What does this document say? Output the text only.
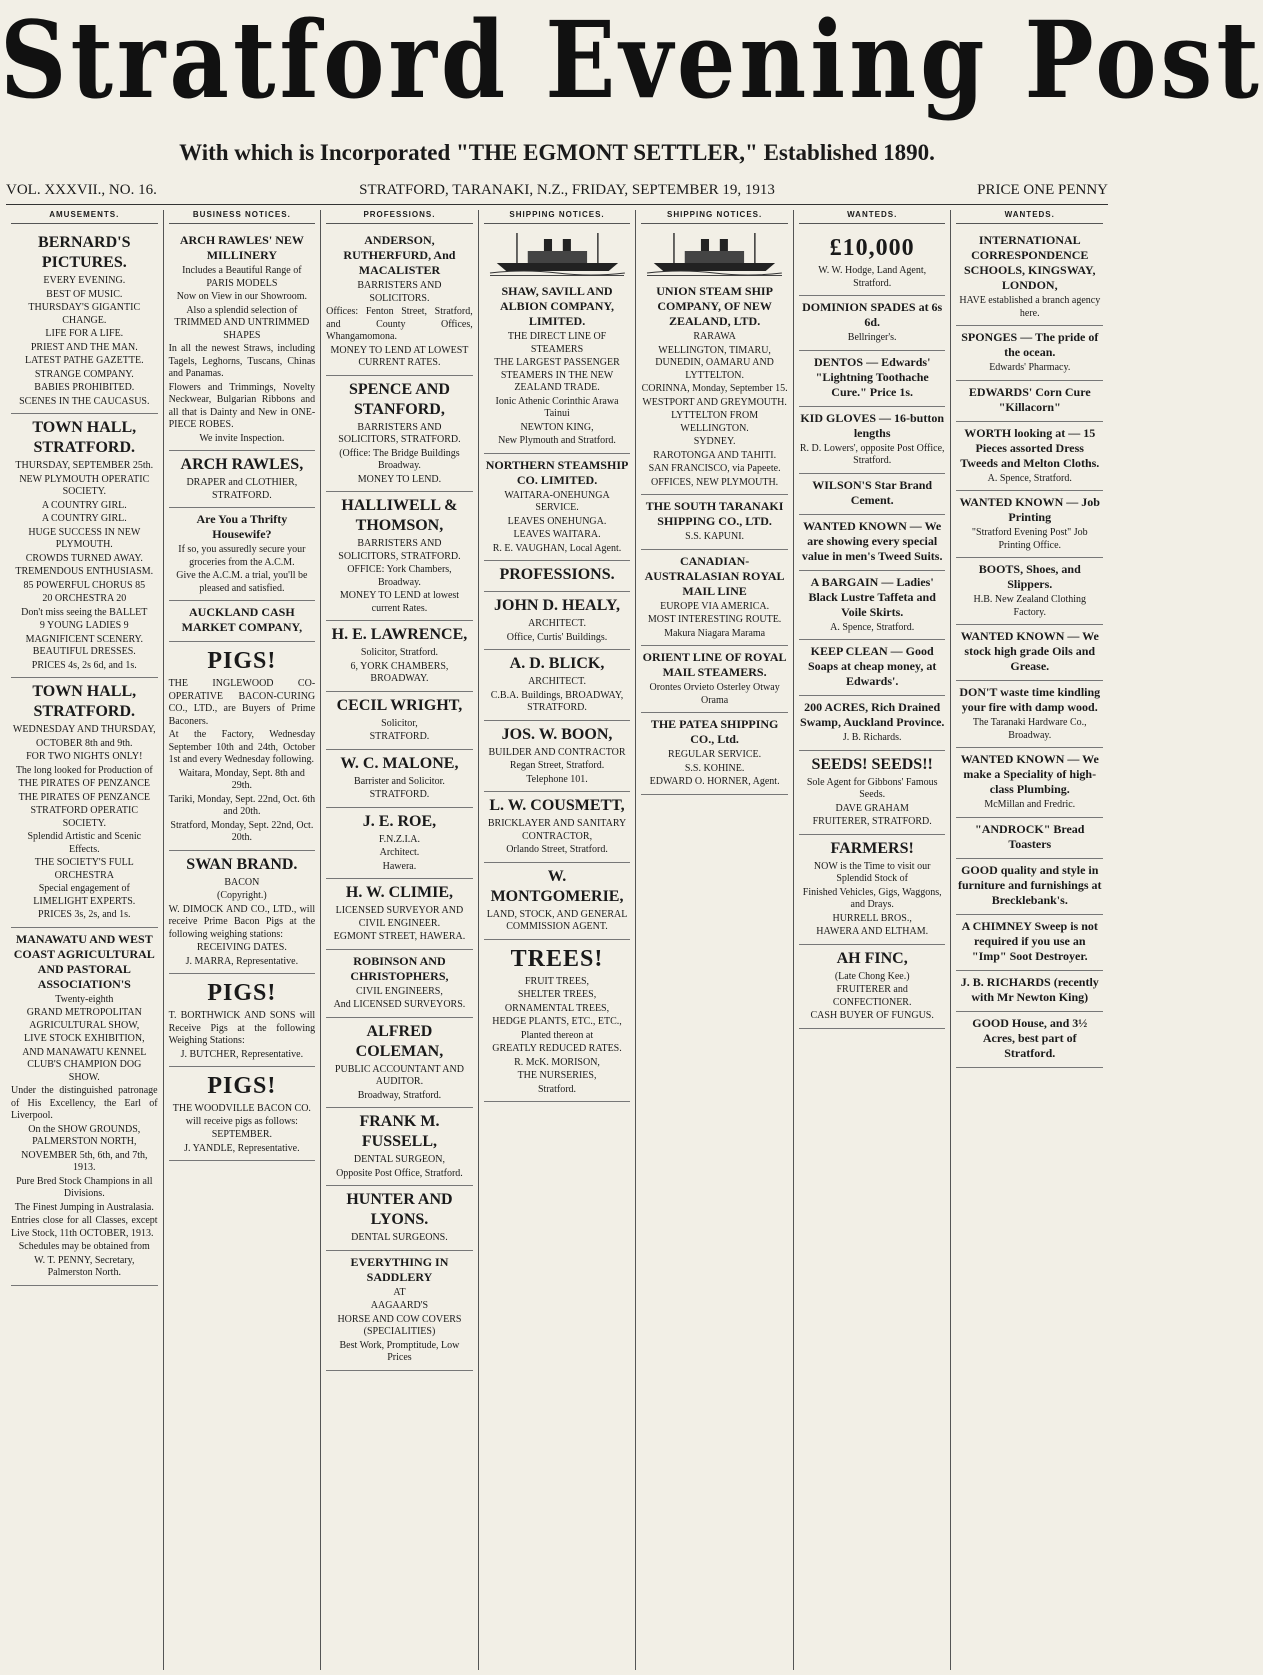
Stratford Evening Post
With which is Incorporated "THE EGMONT SETTLER," Established 1890.
VOL. XXXVII., NO. 16.	STRATFORD, TARANAKI, N.Z., FRIDAY, SEPTEMBER 19, 1913	PRICE ONE PENNY
AMUSEMENTS.
BERNARD'S PICTURES.
EVERY EVENING.
BEST OF MUSIC.
THURSDAY'S GIGANTIC CHANGE.
LIFE FOR A LIFE.
PRIEST AND THE MAN.
LATEST PATHE GAZETTE.
STRANGE COMPANY.
BABIES PROHIBITED.
SCENES IN THE CAUCASUS.
TOWN HALL, STRATFORD.
THURSDAY, SEPTEMBER 25th.
NEW PLYMOUTH OPERATIC SOCIETY.
A COUNTRY GIRL.
A COUNTRY GIRL.
HUGE SUCCESS IN NEW PLYMOUTH.
CROWDS TURNED AWAY.
TREMENDOUS ENTHUSIASM.
85 POWERFUL CHORUS 85
20 ORCHESTRA 20
Don't miss seeing the BALLET
9 YOUNG LADIES 9
MAGNIFICENT SCENERY. BEAUTIFUL DRESSES.
PRICES 4s, 2s 6d, and 1s.
TOWN HALL, STRATFORD.
WEDNESDAY AND THURSDAY,
OCTOBER 8th and 9th.
FOR TWO NIGHTS ONLY!
The long looked for Production of
THE PIRATES OF PENZANCE
THE PIRATES OF PENZANCE
STRATFORD OPERATIC SOCIETY.
Splendid Artistic and Scenic Effects.
THE SOCIETY'S FULL ORCHESTRA
Special engagement of LIMELIGHT EXPERTS.
PRICES 3s, 2s, and 1s.
MANAWATU AND WEST COAST AGRICULTURAL AND PASTORAL ASSOCIATION'S
Twenty-eighth
GRAND METROPOLITAN AGRICULTURAL SHOW,
LIVE STOCK EXHIBITION,
AND MANAWATU KENNEL CLUB'S CHAMPION DOG SHOW.
Under the distinguished patronage of His Excellency, the Earl of Liverpool.
On the SHOW GROUNDS, PALMERSTON NORTH,
NOVEMBER 5th, 6th, and 7th, 1913.
Pure Bred Stock Champions in all Divisions.
The Finest Jumping in Australasia.
Entries close for all Classes, except Live Stock, 11th OCTOBER, 1913.
Schedules may be obtained from
W. T. PENNY, Secretary, Palmerston North.
BUSINESS NOTICES.
ARCH RAWLES' NEW MILLINERY
Includes a Beautiful Range of PARIS MODELS
Now on View in our Showroom.
Also a splendid selection of TRIMMED AND UNTRIMMED SHAPES
In all the newest Straws, including Tagels, Leghorns, Tuscans, Chinas and Panamas.
Flowers and Trimmings, Novelty Neckwear, Bulgarian Ribbons and all that is Dainty and New in ONE-PIECE ROBES.
We invite Inspection.
ARCH RAWLES,
DRAPER and CLOTHIER, STRATFORD.
Are You a Thrifty Housewife?
If so, you assuredly secure your groceries from the A.C.M.
Give the A.C.M. a trial, you'll be pleased and satisfied.
AUCKLAND CASH MARKET COMPANY,
PIGS!
THE INGLEWOOD CO-OPERATIVE BACON-CURING CO., LTD., are Buyers of Prime Baconers.
At the Factory, Wednesday September 10th and 24th, October 1st and every Wednesday following.
Waitara, Monday, Sept. 8th and 29th.
Tariki, Monday, Sept. 22nd, Oct. 6th and 20th.
Stratford, Monday, Sept. 22nd, Oct. 20th.
SWAN BRAND.
BACON
(Copyright.)
W. DIMOCK AND CO., LTD., will receive Prime Bacon Pigs at the following weighing stations:
RECEIVING DATES.
J. MARRA, Representative.
PIGS!
T. BORTHWICK AND SONS will Receive Pigs at the following Weighing Stations:
J. BUTCHER, Representative.
PIGS!
THE WOODVILLE BACON CO. will receive pigs as follows:
SEPTEMBER.
J. YANDLE, Representative.
PROFESSIONS.
ANDERSON, RUTHERFURD, And MACALISTER
BARRISTERS AND SOLICITORS.
Offices: Fenton Street, Stratford, and County Offices, Whangamomona.
MONEY TO LEND AT LOWEST CURRENT RATES.
SPENCE AND STANFORD,
BARRISTERS AND SOLICITORS, STRATFORD.
(Office: The Bridge Buildings Broadway.
MONEY TO LEND.
HALLIWELL & THOMSON,
BARRISTERS AND SOLICITORS, STRATFORD.
OFFICE: York Chambers, Broadway.
MONEY TO LEND at lowest current Rates.
H. E. LAWRENCE,
Solicitor, Stratford.
6, YORK CHAMBERS, BROADWAY.
CECIL WRIGHT,
Solicitor,
STRATFORD.
W. C. MALONE,
Barrister and Solicitor.
STRATFORD.
J. E. ROE,
F.N.Z.I.A.
Architect.
Hawera.
H. W. CLIMIE,
LICENSED SURVEYOR AND CIVIL ENGINEER.
EGMONT STREET, HAWERA.
ROBINSON AND CHRISTOPHERS,
CIVIL ENGINEERS,
And LICENSED SURVEYORS.
ALFRED COLEMAN,
PUBLIC ACCOUNTANT AND AUDITOR.
Broadway, Stratford.
FRANK M. FUSSELL,
DENTAL SURGEON,
Opposite Post Office, Stratford.
HUNTER AND LYONS.
DENTAL SURGEONS.
EVERYTHING IN SADDLERY
AT
AAGAARD'S
HORSE AND COW COVERS (SPECIALITIES)
Best Work, Promptitude, Low Prices
SHIPPING NOTICES.
SHAW, SAVILL AND ALBION COMPANY, LIMITED.
THE DIRECT LINE OF STEAMERS
THE LARGEST PASSENGER STEAMERS IN THE NEW ZEALAND TRADE.
Ionic Athenic Corinthic Arawa Tainui
NEWTON KING,
New Plymouth and Stratford.
NORTHERN STEAMSHIP CO. LIMITED.
WAITARA-ONEHUNGA SERVICE.
LEAVES ONEHUNGA.
LEAVES WAITARA.
R. E. VAUGHAN, Local Agent.
PROFESSIONS.
JOHN D. HEALY,
ARCHITECT.
Office, Curtis' Buildings.
A. D. BLICK,
ARCHITECT.
C.B.A. Buildings, BROADWAY, STRATFORD.
JOS. W. BOON,
BUILDER AND CONTRACTOR
Regan Street, Stratford.
Telephone 101.
L. W. COUSMETT,
BRICKLAYER AND SANITARY CONTRACTOR,
Orlando Street, Stratford.
W. MONTGOMERIE,
LAND, STOCK, AND GENERAL COMMISSION AGENT.
TREES!
FRUIT TREES,
SHELTER TREES,
ORNAMENTAL TREES,
HEDGE PLANTS, ETC., ETC.,
Planted thereon at
GREATLY REDUCED RATES.
R. McK. MORISON,
THE NURSERIES,
Stratford.
SHIPPING NOTICES.
UNION STEAM SHIP COMPANY, OF NEW ZEALAND, LTD.
RARAWA
WELLINGTON, TIMARU, DUNEDIN, OAMARU AND LYTTELTON.
CORINNA, Monday, September 15.
WESTPORT AND GREYMOUTH.
LYTTELTON FROM WELLINGTON.
SYDNEY.
RAROTONGA AND TAHITI.
SAN FRANCISCO, via Papeete.
OFFICES, NEW PLYMOUTH.
THE SOUTH TARANAKI SHIPPING CO., LTD.
S.S. KAPUNI.
CANADIAN-AUSTRALASIAN ROYAL MAIL LINE
EUROPE VIA AMERICA.
MOST INTERESTING ROUTE.
Makura Niagara Marama
ORIENT LINE OF ROYAL MAIL STEAMERS.
Orontes Orvieto Osterley Otway Orama
THE PATEA SHIPPING CO., Ltd.
REGULAR SERVICE.
S.S. KOHINE.
EDWARD O. HORNER, Agent.
WANTEDS.
£10,000
W. W. Hodge, Land Agent, Stratford.
DOMINION SPADES at 6s 6d.
Bellringer's.
DENTOS — Edwards' "Lightning Toothache Cure." Price 1s.
KID GLOVES — 16-button lengths
R. D. Lowers', opposite Post Office, Stratford.
WILSON'S Star Brand Cement.
WANTED KNOWN — We are showing every special value in men's Tweed Suits.
A BARGAIN — Ladies' Black Lustre Taffeta and Voile Skirts.
A. Spence, Stratford.
KEEP CLEAN — Good Soaps at cheap money, at Edwards'.
200 ACRES, Rich Drained Swamp, Auckland Province.
J. B. Richards.
SEEDS! SEEDS!!
Sole Agent for Gibbons' Famous Seeds.
DAVE GRAHAM
FRUITERER, STRATFORD.
FARMERS!
NOW is the Time to visit our Splendid Stock of
Finished Vehicles, Gigs, Waggons, and Drays.
HURRELL BROS.,
HAWERA AND ELTHAM.
AH FINC,
(Late Chong Kee.)
FRUITERER and CONFECTIONER.
CASH BUYER OF FUNGUS.
WANTEDS.
INTERNATIONAL CORRESPONDENCE SCHOOLS, KINGSWAY, LONDON,
HAVE established a branch agency here.
SPONGES — The pride of the ocean.
Edwards' Pharmacy.
EDWARDS' Corn Cure "Killacorn"
WORTH looking at — 15 Pieces assorted Dress Tweeds and Melton Cloths.
A. Spence, Stratford.
WANTED KNOWN — Job Printing
"Stratford Evening Post" Job Printing Office.
BOOTS, Shoes, and Slippers.
H.B. New Zealand Clothing Factory.
WANTED KNOWN — We stock high grade Oils and Grease.
DON'T waste time kindling your fire with damp wood.
The Taranaki Hardware Co., Broadway.
WANTED KNOWN — We make a Speciality of high-class Plumbing.
McMillan and Fredric.
"ANDROCK" Bread Toasters
GOOD quality and style in furniture and furnishings at Brecklebank's.
A CHIMNEY Sweep is not required if you use an "Imp" Soot Destroyer.
J. B. RICHARDS (recently with Mr Newton King)
GOOD House, and 3½ Acres, best part of Stratford.
